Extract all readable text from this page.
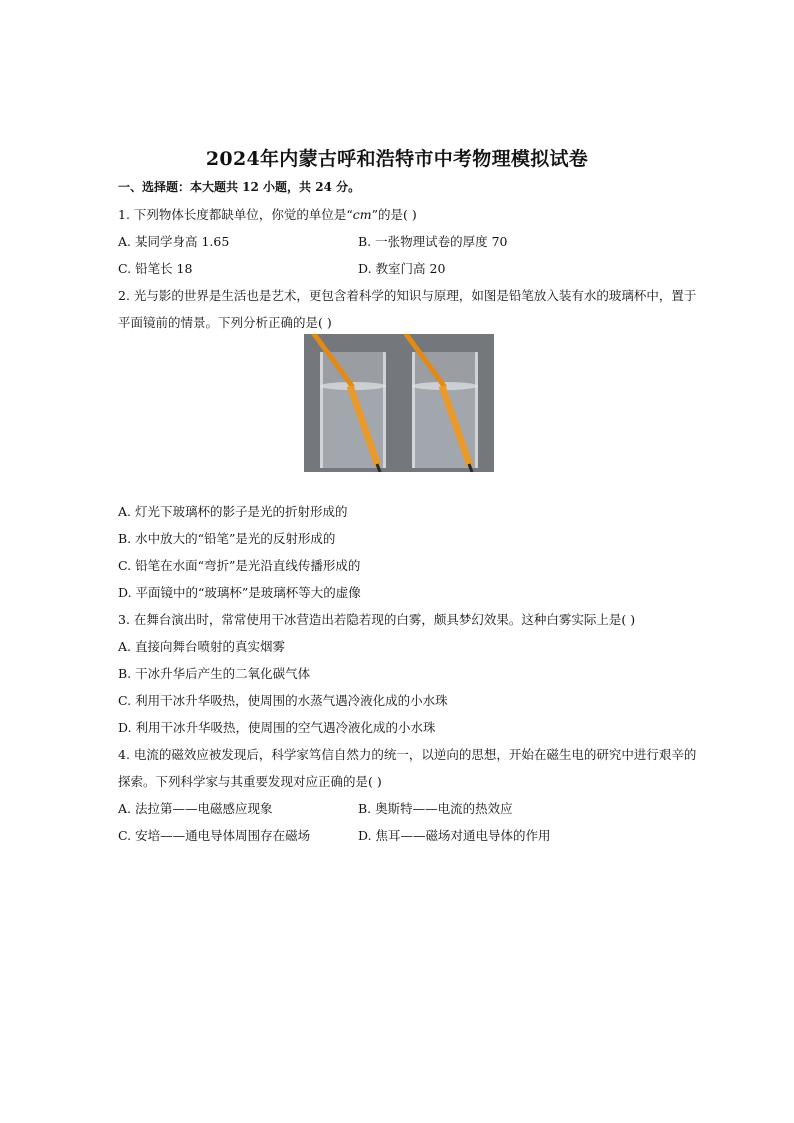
2024年内蒙古呼和浩特市中考物理模拟试卷
一、选择题：本大题共 12 小题，共 24 分。
1. 下列物体长度都缺单位，你觉的单位是“cm”的是( )
A. 某同学身高 1.65	B. 一张物理试卷的厚度 70
C. 铅笔长 18	D. 教室门高 20
2. 光与影的世界是生活也是艺术，更包含着科学的知识与原理，如图是铅笔放入装有水的玻璃杯中，置于
平面镜前的情景。下列分析正确的是( )
A. 灯光下玻璃杯的影子是光的折射形成的
B. 水中放大的“铅笔”是光的反射形成的
C. 铅笔在水面“弯折”是光沿直线传播形成的
D. 平面镜中的“玻璃杯”是玻璃杯等大的虚像
3. 在舞台演出时，常常使用干冰营造出若隐若现的白雾，颇具梦幻效果。这种白雾实际上是( )
A. 直接向舞台喷射的真实烟雾
B. 干冰升华后产生的二氧化碳气体
C. 利用干冰升华吸热，使周围的水蒸气遇冷液化成的小水珠
D. 利用干冰升华吸热，使周围的空气遇冷液化成的小水珠
4. 电流的磁效应被发现后，科学家笃信自然力的统一，以逆向的思想，开始在磁生电的研究中进行艰辛的
探索。下列科学家与其重要发现对应正确的是( )
A. 法拉第——电磁感应现象	B. 奥斯特——电流的热效应
C. 安培——通电导体周围存在磁场	D. 焦耳——磁场对通电导体的作用
